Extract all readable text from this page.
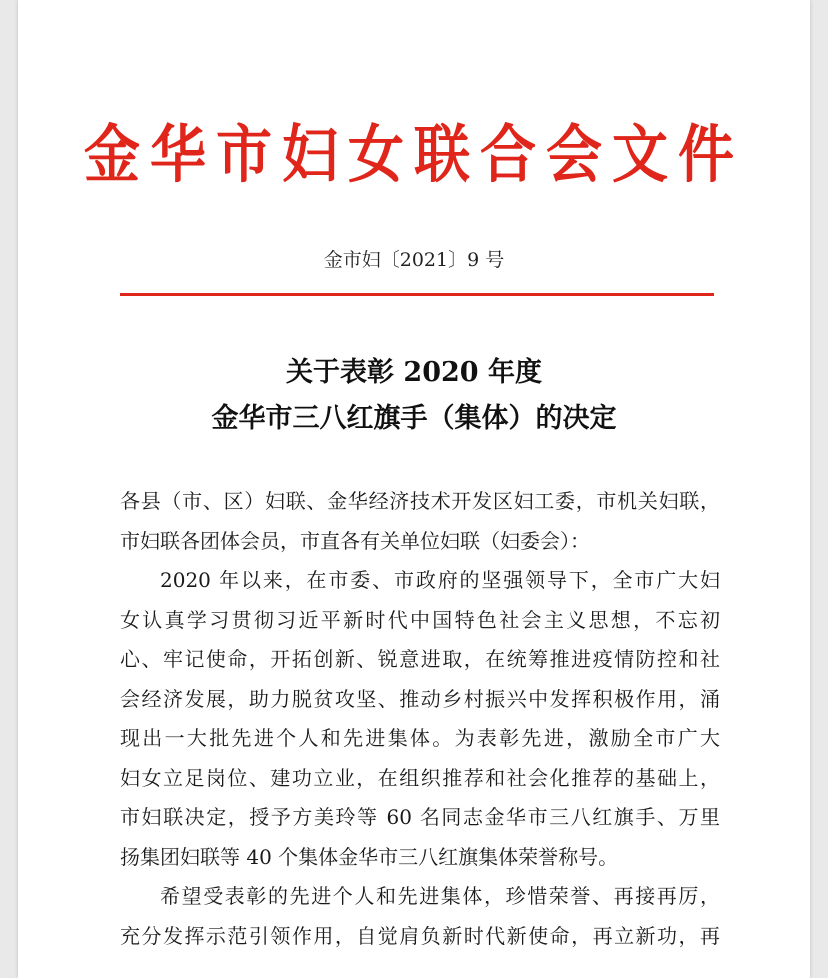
金华市妇女联合会文件
金市妇〔2021〕9 号
关于表彰 2020 年度
金华市三八红旗手（集体）的决定
各县（市、区）妇联、金华经济技术开发区妇工委，市机关妇联，
市妇联各团体会员，市直各有关单位妇联（妇委会）：
2020 年以来，在市委、市政府的坚强领导下，全市广大妇
女认真学习贯彻习近平新时代中国特色社会主义思想，不忘初
心、牢记使命，开拓创新、锐意进取，在统筹推进疫情防控和社
会经济发展，助力脱贫攻坚、推动乡村振兴中发挥积极作用，涌
现出一大批先进个人和先进集体。为表彰先进，激励全市广大
妇女立足岗位、建功立业，在组织推荐和社会化推荐的基础上，
市妇联决定，授予方美玲等 60 名同志金华市三八红旗手、万里
扬集团妇联等 40 个集体金华市三八红旗集体荣誉称号。
希望受表彰的先进个人和先进集体，珍惜荣誉、再接再厉，
充分发挥示范引领作用，自觉肩负新时代新使命，再立新功，再
